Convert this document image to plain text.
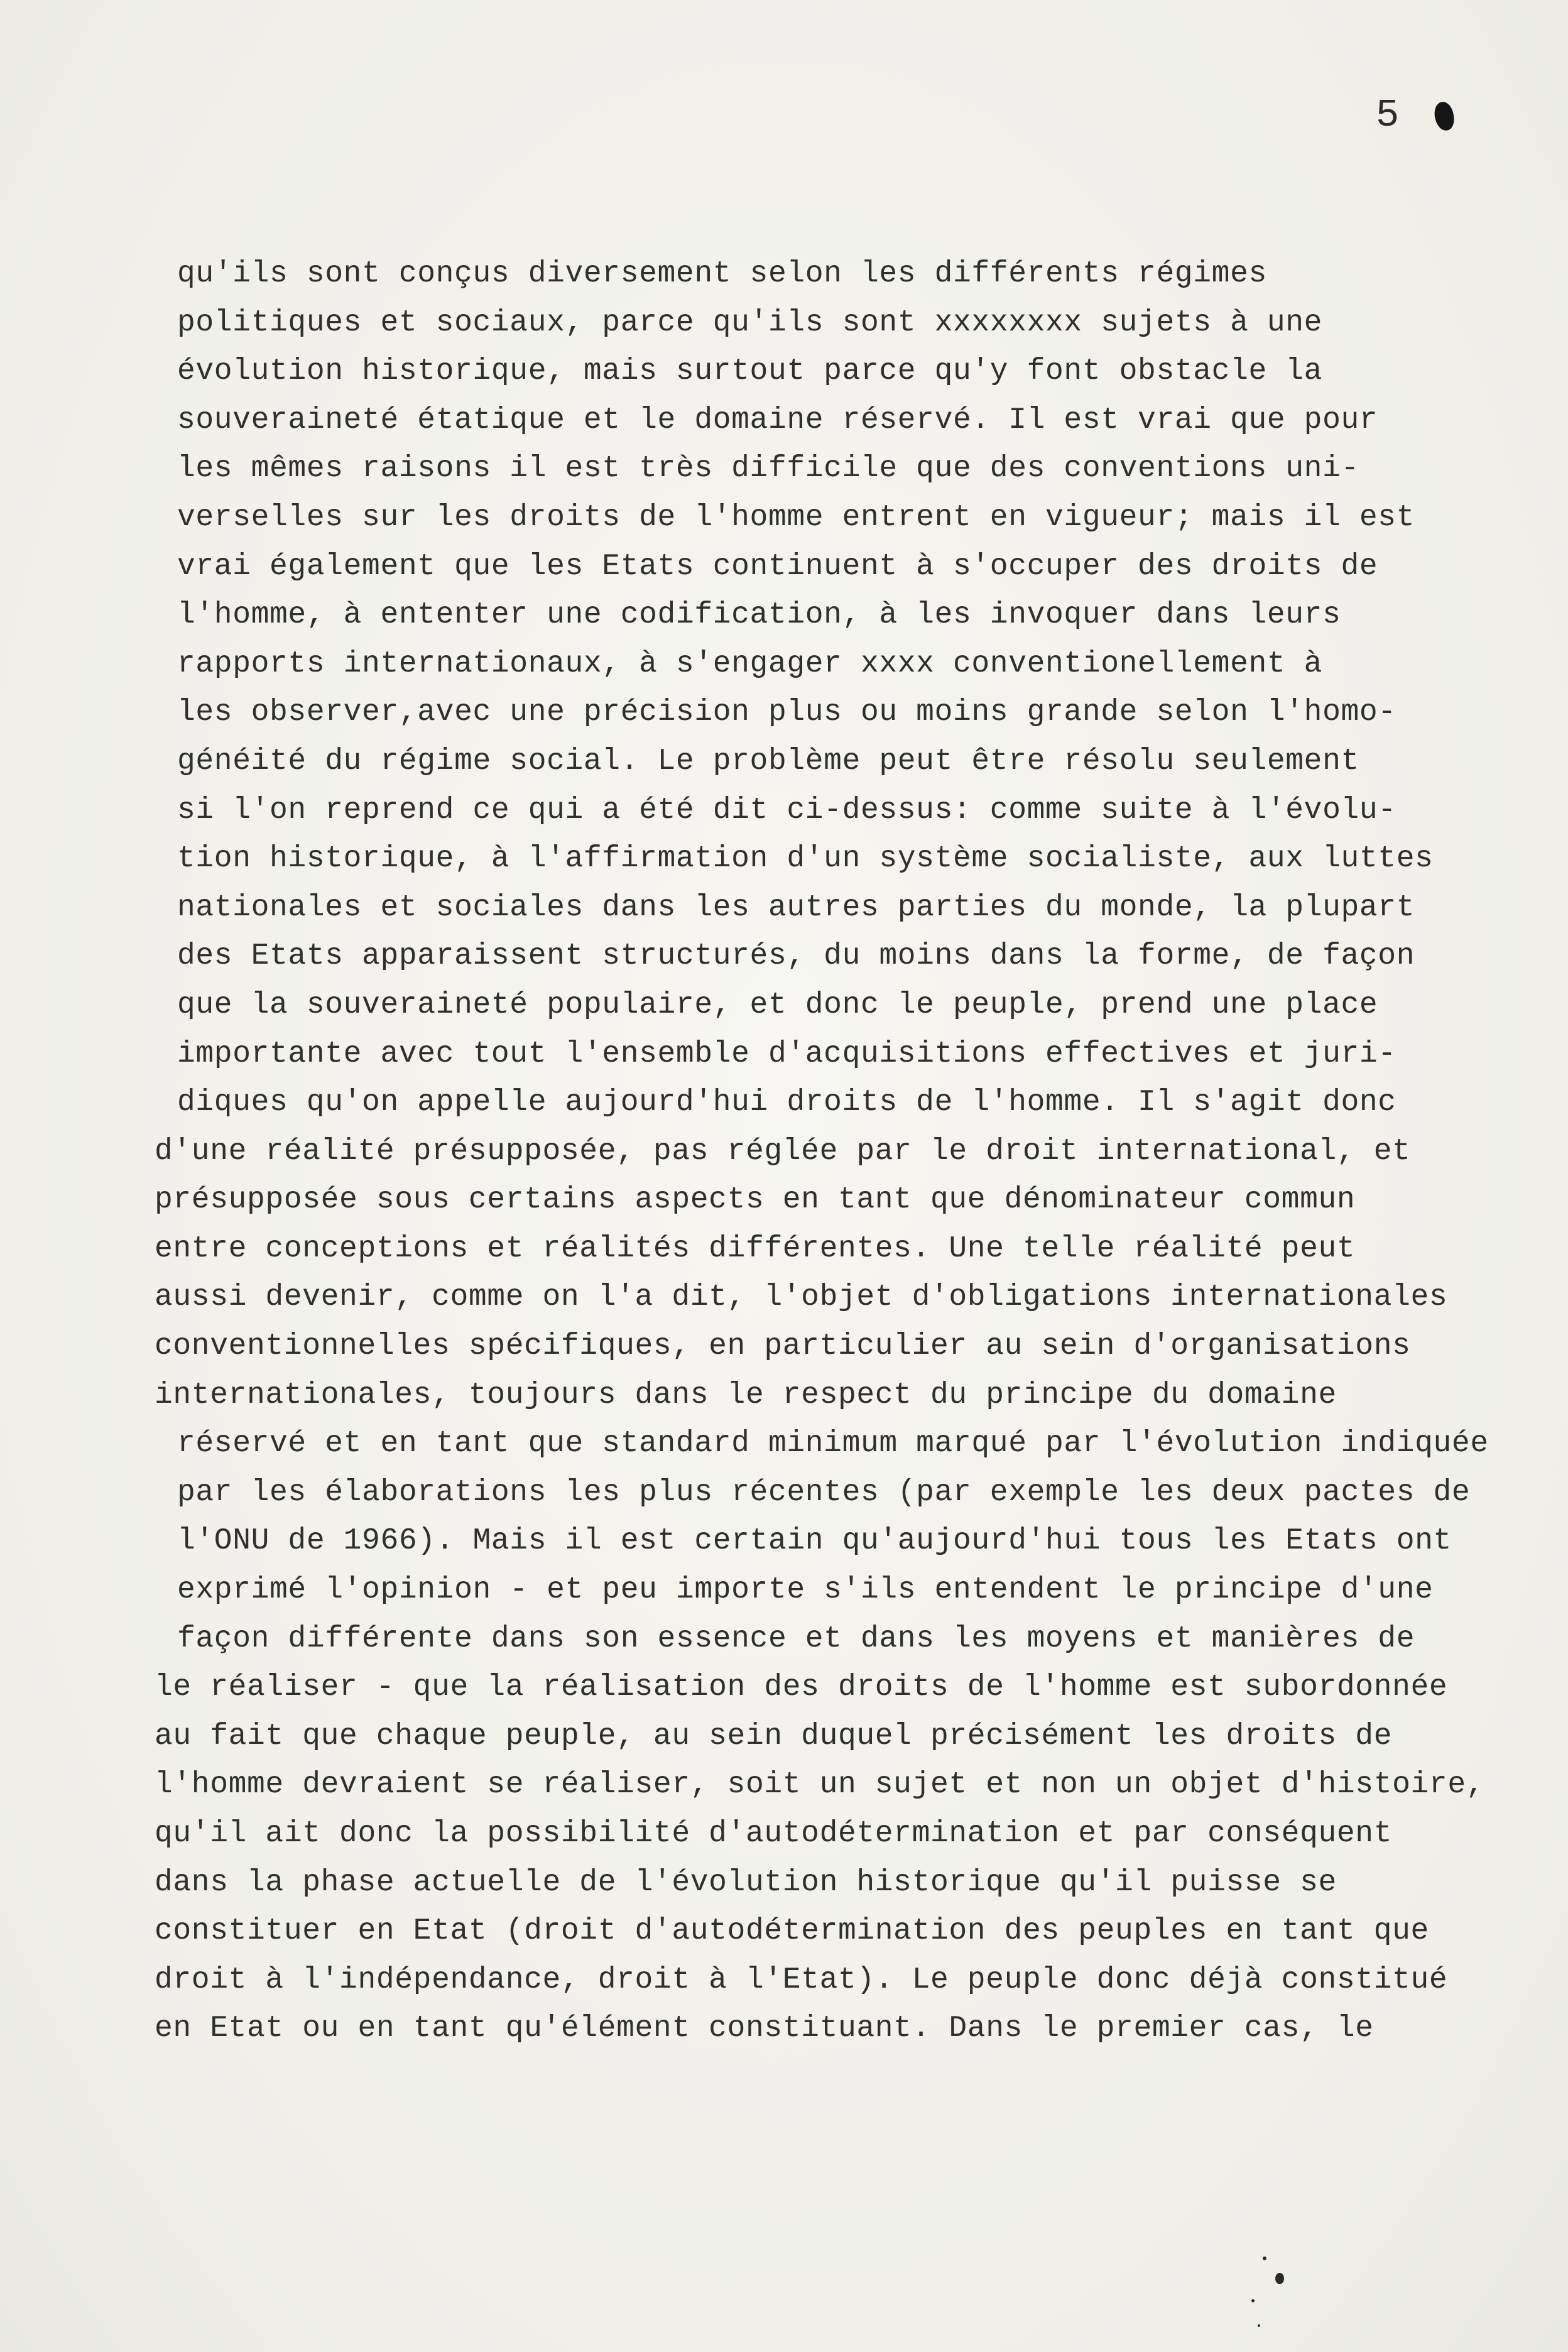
5
qu'ils sont conçus diversement selon les différents régimes
politiques et sociaux, parce qu'ils sont xxxxxxxx sujets à une
évolution historique, mais surtout parce qu'y font obstacle la
souveraineté étatique et le domaine réservé. Il est vrai que pour
les mêmes raisons il est très difficile que des conventions uni-
verselles sur les droits de l'homme entrent en vigueur; mais il est
vrai également que les Etats continuent à s'occuper des droits de
l'homme, à ententer une codification, à les invoquer dans leurs
rapports internationaux, à s'engager xxxx conventionellement à
les observer,avec une précision plus ou moins grande selon l'homo-
généité du régime social. Le problème peut être résolu seulement
si l'on reprend ce qui a été dit ci-dessus: comme suite à l'évolu-
tion historique, à l'affirmation d'un système socialiste, aux luttes
nationales et sociales dans les autres parties du monde, la plupart
des Etats apparaissent structurés, du moins dans la forme, de façon
que la souveraineté populaire, et donc le peuple, prend une place
importante avec tout l'ensemble d'acquisitions effectives et juri-
diques qu'on appelle aujourd'hui droits de l'homme. Il s'agit donc
d'une réalité présupposée, pas réglée par le droit international, et
présupposée sous certains aspects en tant que dénominateur commun
entre conceptions et réalités différentes. Une telle réalité peut
aussi devenir, comme on l'a dit, l'objet d'obligations internationales
conventionnelles spécifiques, en particulier au sein d'organisations
internationales, toujours dans le respect du principe du domaine
réservé et en tant que standard minimum marqué par l'évolution indiquée
par les élaborations les plus récentes (par exemple les deux pactes de
l'ONU de 1966). Mais il est certain qu'aujourd'hui tous les Etats ont
exprimé l'opinion - et peu importe s'ils entendent le principe d'une
façon différente dans son essence et dans les moyens et manières de
le réaliser - que la réalisation des droits de l'homme est subordonnée
au fait que chaque peuple, au sein duquel précisément les droits de
l'homme devraient se réaliser, soit un sujet et non un objet d'histoire,
qu'il ait donc la possibilité d'autodétermination et par conséquent
dans la phase actuelle de l'évolution historique qu'il puisse se
constituer en Etat (droit d'autodétermination des peuples en tant que
droit à l'indépendance, droit à l'Etat). Le peuple donc déjà constitué
en Etat ou en tant qu'élément constituant. Dans le premier cas, le
